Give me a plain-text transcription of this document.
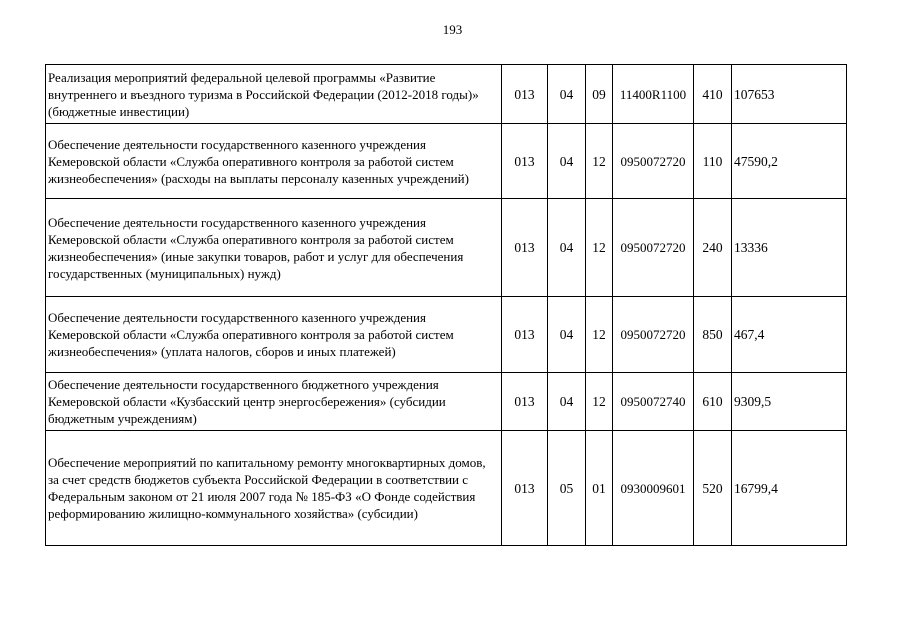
193
Реализация мероприятий федеральной целевой программы «Развитие внутреннего и въездного туризма в Российской Федерации (2012-2018 годы)» (бюджетные инвестиции)	013	04	09	11400R1100	410	107653
Обеспечение деятельности государственного казенного учреждения Кемеровской области «Служба оперативного контроля за работой систем жизнеобеспечения» (расходы на выплаты персоналу казенных учреждений)	013	04	12	0950072720	110	47590,2
Обеспечение деятельности государственного казенного учреждения Кемеровской области «Служба оперативного контроля за работой систем жизнеобеспечения» (иные закупки товаров, работ и услуг для обеспечения государственных (муниципальных) нужд)	013	04	12	0950072720	240	13336
Обеспечение деятельности государственного казенного учреждения Кемеровской области «Служба оперативного контроля за работой систем жизнеобеспечения» (уплата налогов, сборов и иных платежей)	013	04	12	0950072720	850	467,4
Обеспечение деятельности государственного бюджетного учреждения Кемеровской области «Кузбасский центр энергосбережения» (субсидии бюджетным учреждениям)	013	04	12	0950072740	610	9309,5
Обеспечение мероприятий по капитальному ремонту многоквартирных домов, за счет средств бюджетов субъекта Российской Федерации в соответствии с Федеральным законом от 21 июля 2007 года № 185-ФЗ «О Фонде содействия реформированию жилищно-коммунального хозяйства» (субсидии)	013	05	01	0930009601	520	16799,4
